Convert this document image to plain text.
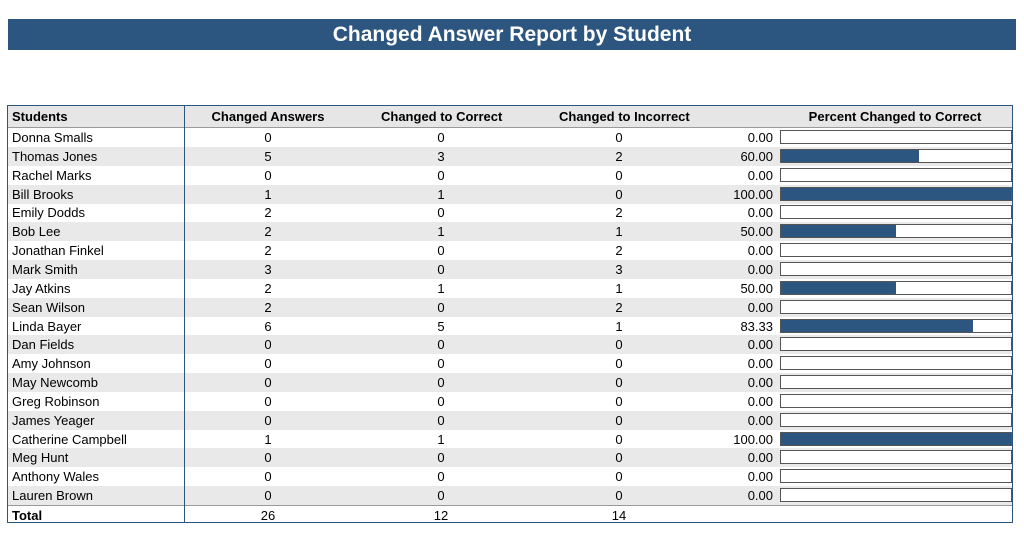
Changed Answer Report by Student
Students	Changed Answers	Changed to Correct	Changed to Incorrect	Percent Changed to Correct
Donna Smalls	0	0	0	0.00
Thomas Jones	5	3	2	60.00
Rachel Marks	0	0	0	0.00
Bill Brooks	1	1	0	100.00
Emily Dodds	2	0	2	0.00
Bob Lee	2	1	1	50.00
Jonathan Finkel	2	0	2	0.00
Mark Smith	3	0	3	0.00
Jay Atkins	2	1	1	50.00
Sean Wilson	2	0	2	0.00
Linda Bayer	6	5	1	83.33
Dan Fields	0	0	0	0.00
Amy Johnson	0	0	0	0.00
May Newcomb	0	0	0	0.00
Greg Robinson	0	0	0	0.00
James Yeager	0	0	0	0.00
Catherine Campbell	1	1	0	100.00
Meg Hunt	0	0	0	0.00
Anthony Wales	0	0	0	0.00
Lauren Brown	0	0	0	0.00
Total	26	12	14
